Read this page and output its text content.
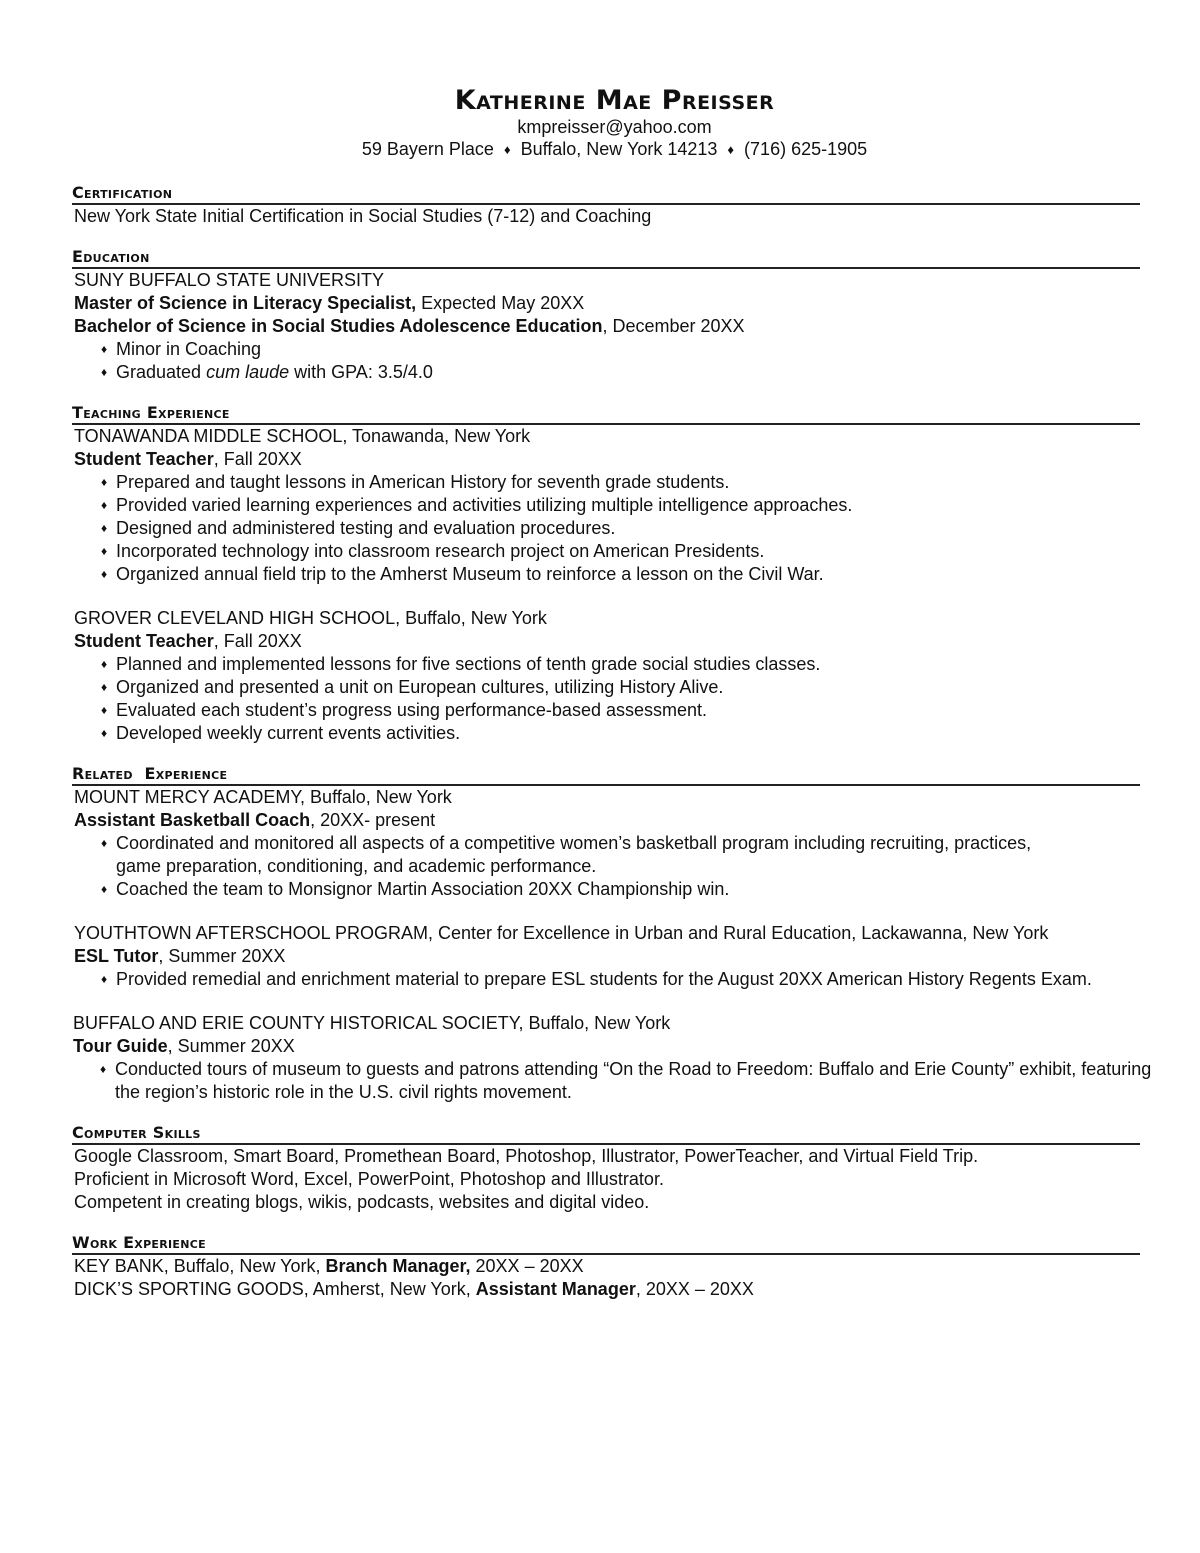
Katherine Mae Preisser
kmpreisser@yahoo.com
59 Bayern Place ♦ Buffalo, New York 14213 ♦ (716) 625-1905
Certification
New York State Initial Certification in Social Studies (7-12) and Coaching
Education
SUNY BUFFALO STATE UNIVERSITY
Master of Science in Literacy Specialist, Expected May 20XX
Bachelor of Science in Social Studies Adolescence Education, December 20XX
♦ Minor in Coaching
♦ Graduated cum laude with GPA: 3.5/4.0
Teaching Experience
TONAWANDA MIDDLE SCHOOL, Tonawanda, New York
Student Teacher, Fall 20XX
♦ Prepared and taught lessons in American History for seventh grade students.
♦ Provided varied learning experiences and activities utilizing multiple intelligence approaches.
♦ Designed and administered testing and evaluation procedures.
♦ Incorporated technology into classroom research project on American Presidents.
♦ Organized annual field trip to the Amherst Museum to reinforce a lesson on the Civil War.
GROVER CLEVELAND HIGH SCHOOL, Buffalo, New York
Student Teacher, Fall 20XX
♦ Planned and implemented lessons for five sections of tenth grade social studies classes.
♦ Organized and presented a unit on European cultures, utilizing History Alive.
♦ Evaluated each student’s progress using performance-based assessment.
♦ Developed weekly current events activities.
Related  Experience
MOUNT MERCY ACADEMY, Buffalo, New York
Assistant Basketball Coach, 20XX- present
♦ Coordinated and monitored all aspects of a competitive women’s basketball program including recruiting, practices, game preparation, conditioning, and academic performance.
♦ Coached the team to Monsignor Martin Association 20XX Championship win.
YOUTHTOWN AFTERSCHOOL PROGRAM, Center for Excellence in Urban and Rural Education, Lackawanna, New York
ESL Tutor, Summer 20XX
♦ Provided remedial and enrichment material to prepare ESL students for the August 20XX American History Regents Exam.
BUFFALO AND ERIE COUNTY HISTORICAL SOCIETY, Buffalo, New York
Tour Guide, Summer 20XX
♦ Conducted tours of museum to guests and patrons attending “On the Road to Freedom: Buffalo and Erie County” exhibit, featuring the region’s historic role in the U.S. civil rights movement.
Computer Skills
Google Classroom, Smart Board, Promethean Board, Photoshop, Illustrator, PowerTeacher, and Virtual Field Trip.
Proficient in Microsoft Word, Excel, PowerPoint, Photoshop and Illustrator.
Competent in creating blogs, wikis, podcasts, websites and digital video.
Work Experience
KEY BANK, Buffalo, New York, Branch Manager, 20XX – 20XX
DICK’S SPORTING GOODS, Amherst, New York, Assistant Manager, 20XX – 20XX
